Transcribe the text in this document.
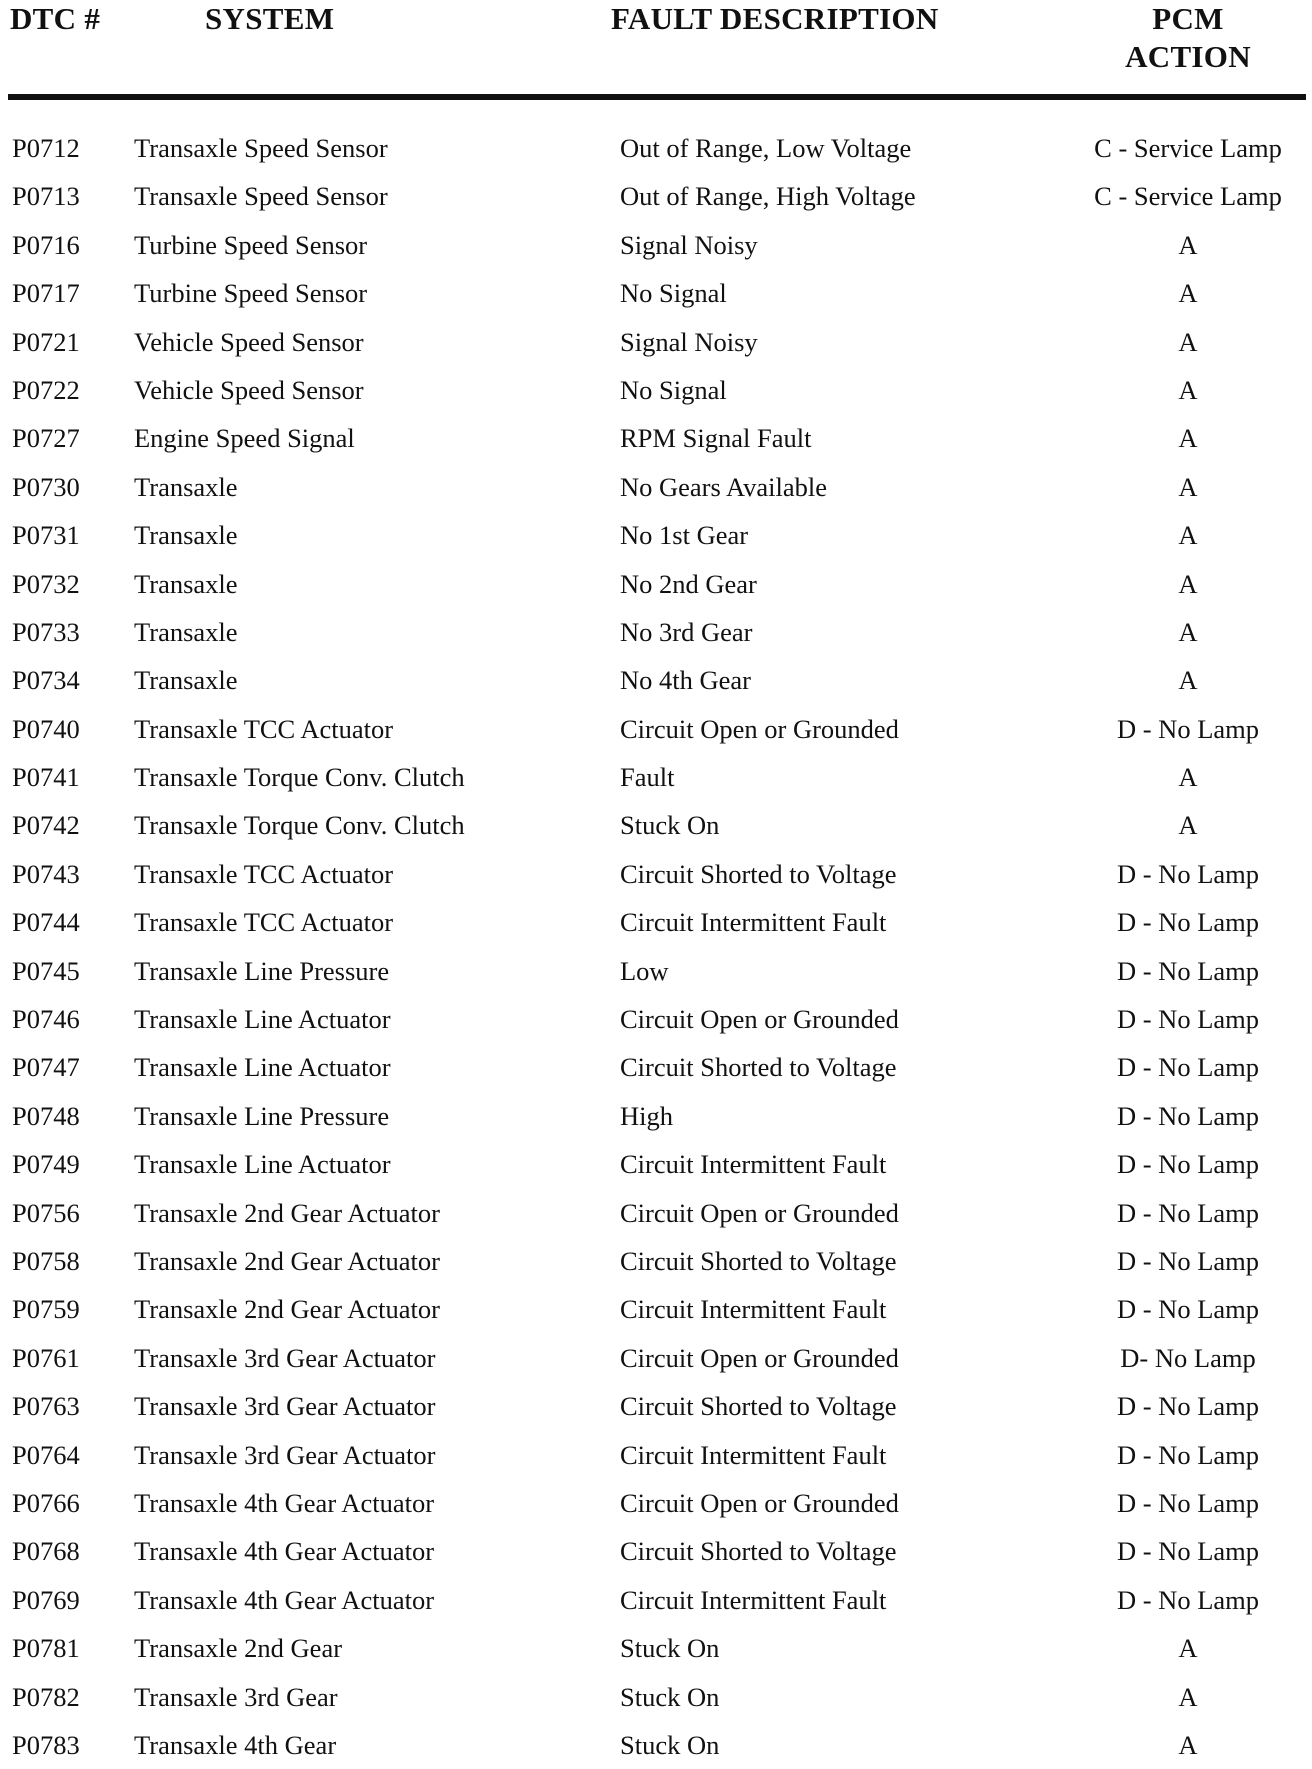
DTC #	SYSTEM	FAULT DESCRIPTION	PCM
ACTION
P0712 Transaxle Speed Sensor	Out of Range, Low Voltage	C - Service Lamp
P0713 Transaxle Speed Sensor	Out of Range, High Voltage	C - Service Lamp
P0716 Turbine Speed Sensor	Signal Noisy	A
P0717 Turbine Speed Sensor	No Signal	A
P0721 Vehicle Speed Sensor	Signal Noisy	A
P0722 Vehicle Speed Sensor	No Signal	A
P0727 Engine Speed Signal	RPM Signal Fault	A
P0730 Transaxle	No Gears Available	A
P0731 Transaxle	No 1st Gear	A
P0732 Transaxle	No 2nd Gear	A
P0733 Transaxle	No 3rd Gear	A
P0734 Transaxle	No 4th Gear	A
P0740 Transaxle TCC Actuator	Circuit Open or Grounded	D - No Lamp
P0741 Transaxle Torque Conv. Clutch	Fault	A
P0742 Transaxle Torque Conv. Clutch	Stuck On	A
P0743 Transaxle TCC Actuator	Circuit Shorted to Voltage	D - No Lamp
P0744 Transaxle TCC Actuator	Circuit Intermittent Fault	D - No Lamp
P0745 Transaxle Line Pressure	Low	D - No Lamp
P0746 Transaxle Line Actuator	Circuit Open or Grounded	D - No Lamp
P0747 Transaxle Line Actuator	Circuit Shorted to Voltage	D - No Lamp
P0748 Transaxle Line Pressure	High	D - No Lamp
P0749 Transaxle Line Actuator	Circuit Intermittent Fault	D - No Lamp
P0756 Transaxle 2nd Gear Actuator	Circuit Open or Grounded	D - No Lamp
P0758 Transaxle 2nd Gear Actuator	Circuit Shorted to Voltage	D - No Lamp
P0759 Transaxle 2nd Gear Actuator	Circuit Intermittent Fault	D - No Lamp
P0761 Transaxle 3rd Gear Actuator	Circuit Open or Grounded	D- No Lamp
P0763 Transaxle 3rd Gear Actuator	Circuit Shorted to Voltage	D - No Lamp
P0764 Transaxle 3rd Gear Actuator	Circuit Intermittent Fault	D - No Lamp
P0766 Transaxle 4th Gear Actuator	Circuit Open or Grounded	D - No Lamp
P0768 Transaxle 4th Gear Actuator	Circuit Shorted to Voltage	D - No Lamp
P0769 Transaxle 4th Gear Actuator	Circuit Intermittent Fault	D - No Lamp
P0781 Transaxle 2nd Gear	Stuck On	A
P0782 Transaxle 3rd Gear	Stuck On	A
P0783 Transaxle 4th Gear	Stuck On	A
